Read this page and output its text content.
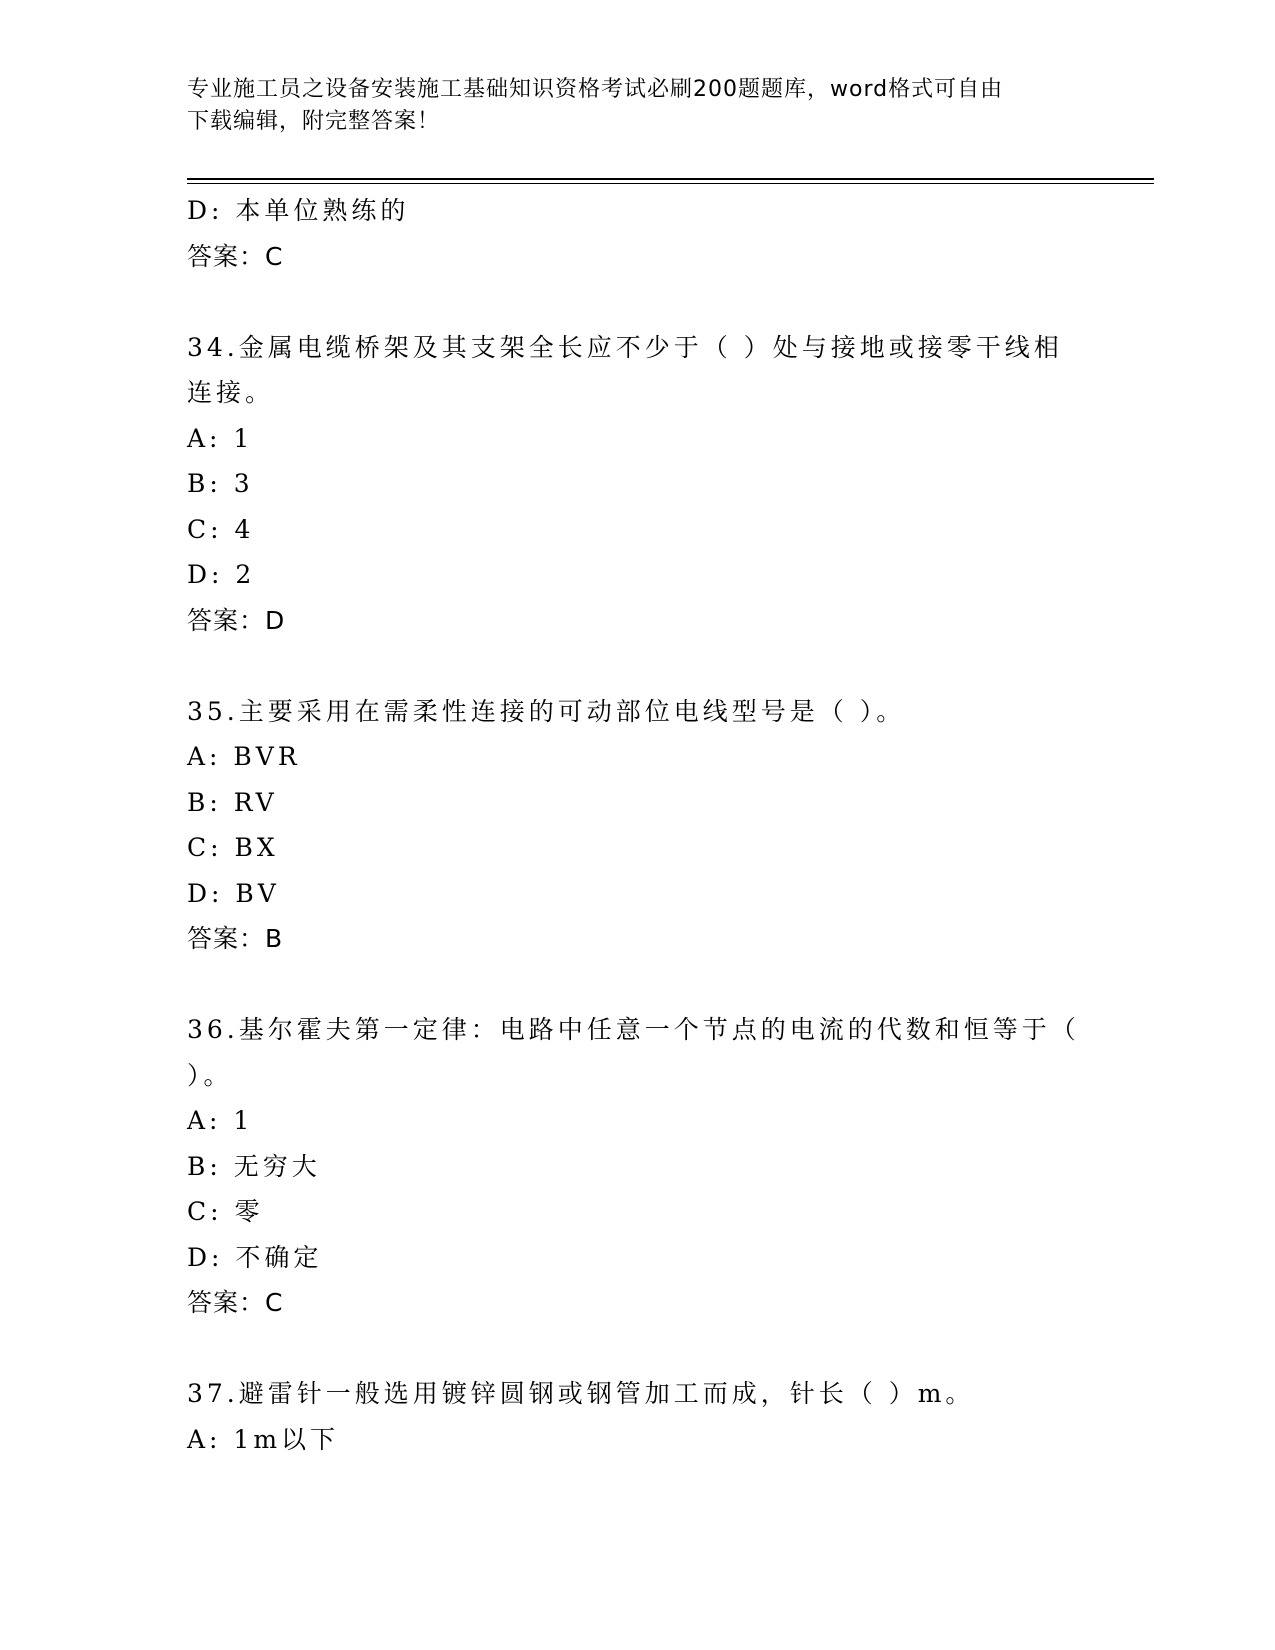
专业施工员之设备安装施工基础知识资格考试必刷200题题库，word格式可自由
下载编辑，附完整答案！
D: 本单位熟练的
答案：C
34.金属电缆桥架及其支架全长应不少于（ ）处与接地或接零干线相
连接。
A: 1
B: 3
C: 4
D: 2
答案：D
35.主要采用在需柔性连接的可动部位电线型号是（ ）。
A: BVR
B: RV
C: BX
D: BV
答案：B
36.基尔霍夫第一定律：电路中任意一个节点的电流的代数和恒等于（
）。
A: 1
B: 无穷大
C: 零
D: 不确定
答案：C
37.避雷针一般选用镀锌圆钢或钢管加工而成，针长（ ）m。
A: 1m以下
